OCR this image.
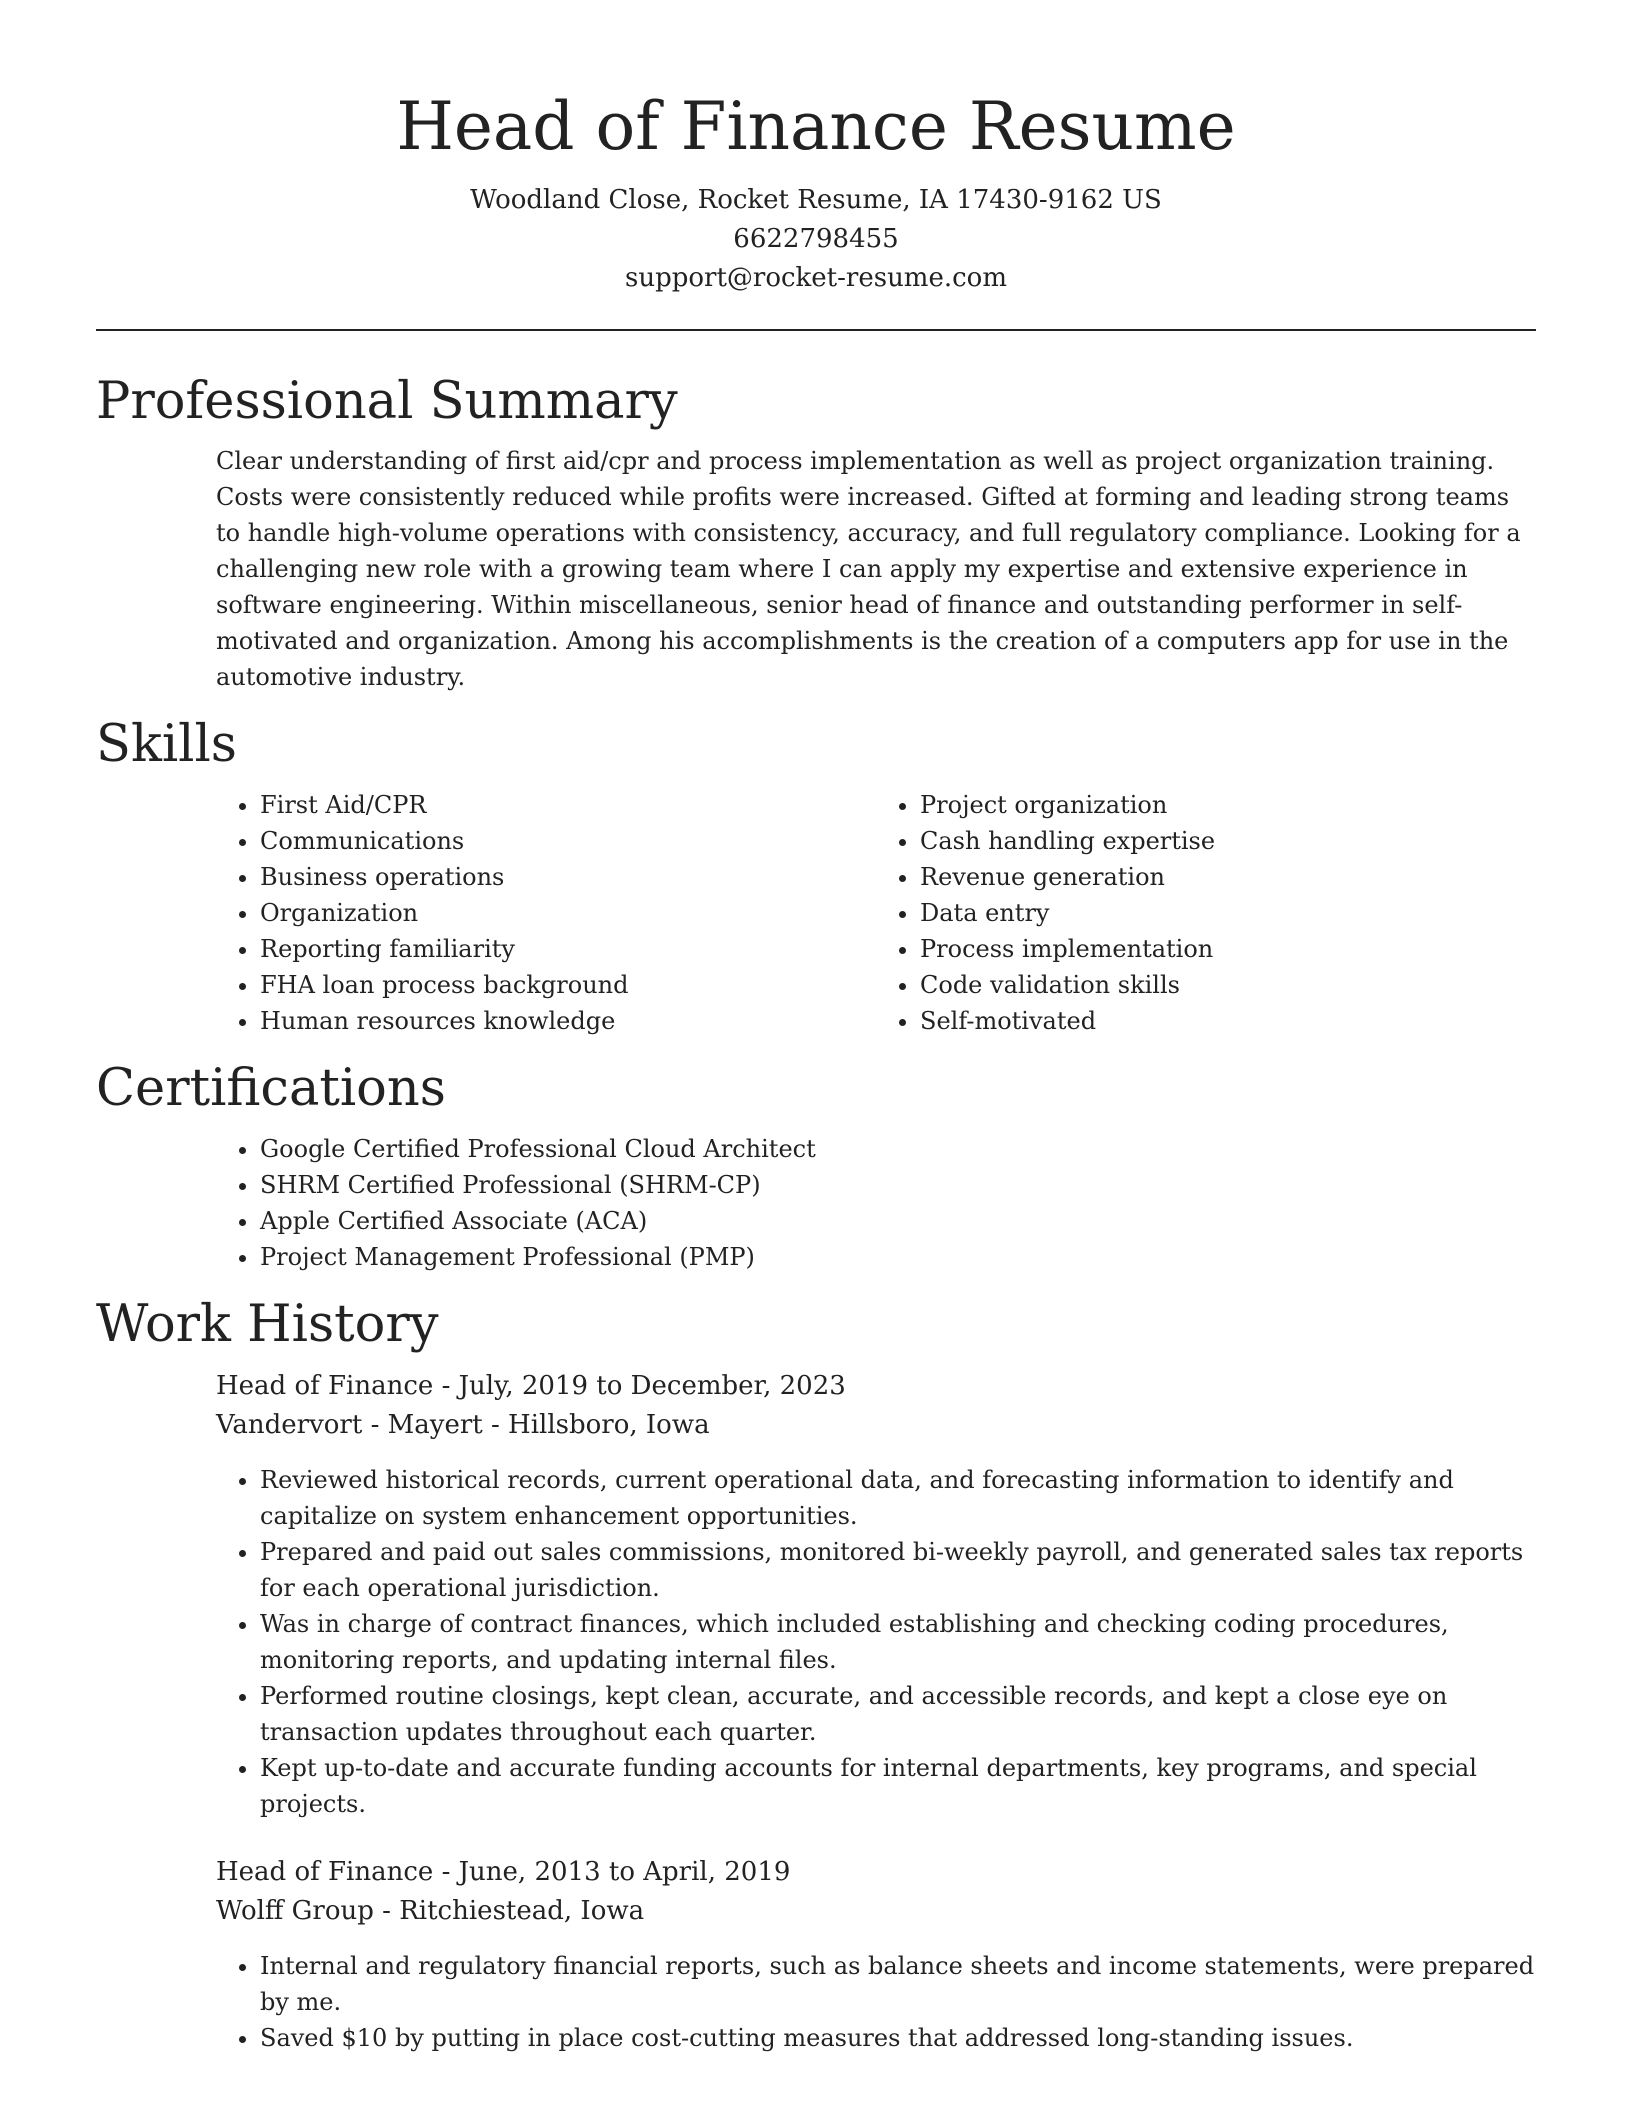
Head of Finance Resume
Woodland Close, Rocket Resume, IA 17430-9162 US
6622798455
support@rocket-resume.com
Professional Summary
Clear understanding of first aid/cpr and process implementation as well as project organization training. Costs were consistently reduced while profits were increased. Gifted at forming and leading strong teams to handle high-volume operations with consistency, accuracy, and full regulatory compliance. Looking for a challenging new role with a growing team where I can apply my expertise and extensive experience in software engineering. Within miscellaneous, senior head of finance and outstanding performer in self-motivated and organization. Among his accomplishments is the creation of a computers app for use in the automotive industry.
Skills
• First Aid/CPR
• Communications
• Business operations
• Organization
• Reporting familiarity
• FHA loan process background
• Human resources knowledge
• Project organization
• Cash handling expertise
• Revenue generation
• Data entry
• Process implementation
• Code validation skills
• Self-motivated
Certifications
• Google Certified Professional Cloud Architect
• SHRM Certified Professional (SHRM-CP)
• Apple Certified Associate (ACA)
• Project Management Professional (PMP)
Work History
Head of Finance - July, 2019 to December, 2023
Vandervort - Mayert - Hillsboro, Iowa
• Reviewed historical records, current operational data, and forecasting information to identify and capitalize on system enhancement opportunities.
• Prepared and paid out sales commissions, monitored bi-weekly payroll, and generated sales tax reports for each operational jurisdiction.
• Was in charge of contract finances, which included establishing and checking coding procedures, monitoring reports, and updating internal files.
• Performed routine closings, kept clean, accurate, and accessible records, and kept a close eye on transaction updates throughout each quarter.
• Kept up-to-date and accurate funding accounts for internal departments, key programs, and special projects.
Head of Finance - June, 2013 to April, 2019
Wolff Group - Ritchiestead, Iowa
• Internal and regulatory financial reports, such as balance sheets and income statements, were prepared by me.
• Saved $10 by putting in place cost-cutting measures that addressed long-standing issues.
